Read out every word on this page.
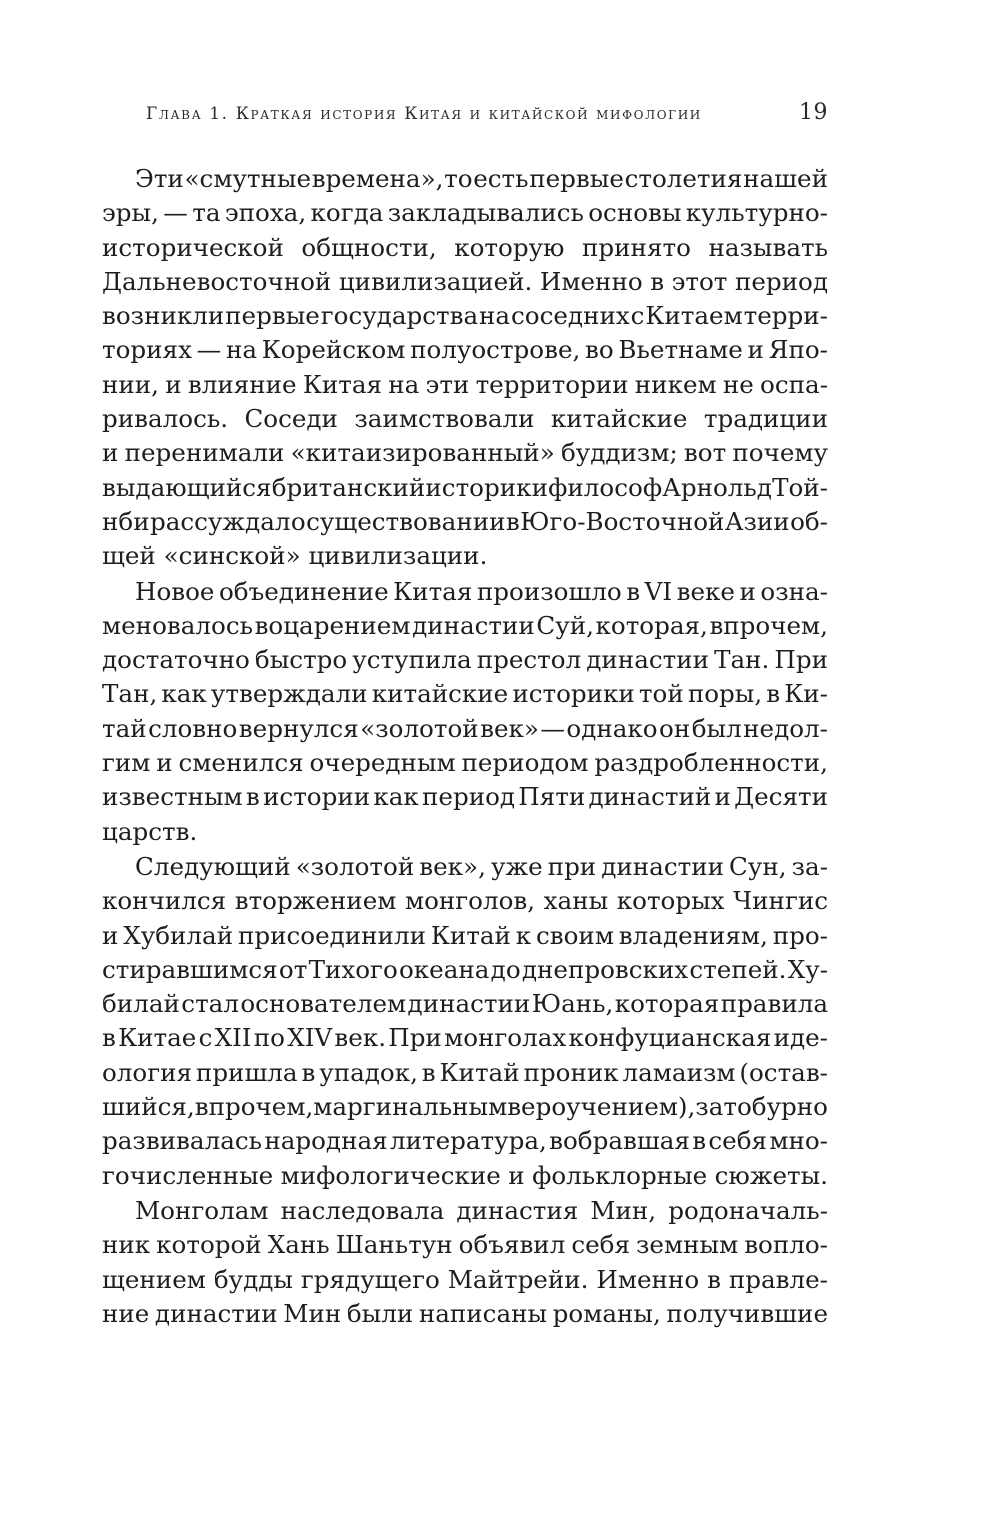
Глава 1. Краткая история Китая и китайской мифологии	19
Эти «смутные времена», то есть первые столетия нашей
эры, — та эпоха, когда закладывались основы культурно-
исторической общности, которую принято называть
Дальневосточной цивилизацией. Именно в этот период
возникли первые государства на соседних с Китаем терри-
ториях — на Корейском полуострове, во Вьетнаме и Япо-
нии, и влияние Китая на эти территории никем не оспа-
ривалось. Соседи заимствовали китайские традиции
и перенимали «китаизированный» буддизм; вот почему
выдающийся британский историк и философ Арнольд Той-
нби рассуждал о существовании в Юго-Восточной Азии об-
щей «синской» цивилизации.
Новое объединение Китая произошло в VI веке и озна-
меновалось воцарением династии Суй, которая, впрочем,
достаточно быстро уступила престол династии Тан. При
Тан, как утверждали китайские историки той поры, в Ки-
тай словно вернулся «золотой век» — однако он был недол-
гим и сменился очередным периодом раздробленности,
известным в истории как период Пяти династий и Десяти
царств.
Следующий «золотой век», уже при династии Сун, за-
кончился вторжением монголов, ханы которых Чингис
и Хубилай присоединили Китай к своим владениям, про-
стиравшимся от Тихого океана до днепровских степей. Ху-
билай стал основателем династии Юань, которая правила
в Китае с XII по XIV век. При монголах конфуцианская иде-
ология пришла в упадок, в Китай проник ламаизм (остав-
шийся, впрочем, маргинальным вероучением), зато бурно
развивалась народная литература, вобравшая в себя мно-
гочисленные мифологические и фольклорные сюжеты.
Монголам наследовала династия Мин, родоначаль-
ник которой Хань Шаньтун объявил себя земным вопло-
щением будды грядущего Майтрейи. Именно в правле-
ние династии Мин были написаны романы, получившие
